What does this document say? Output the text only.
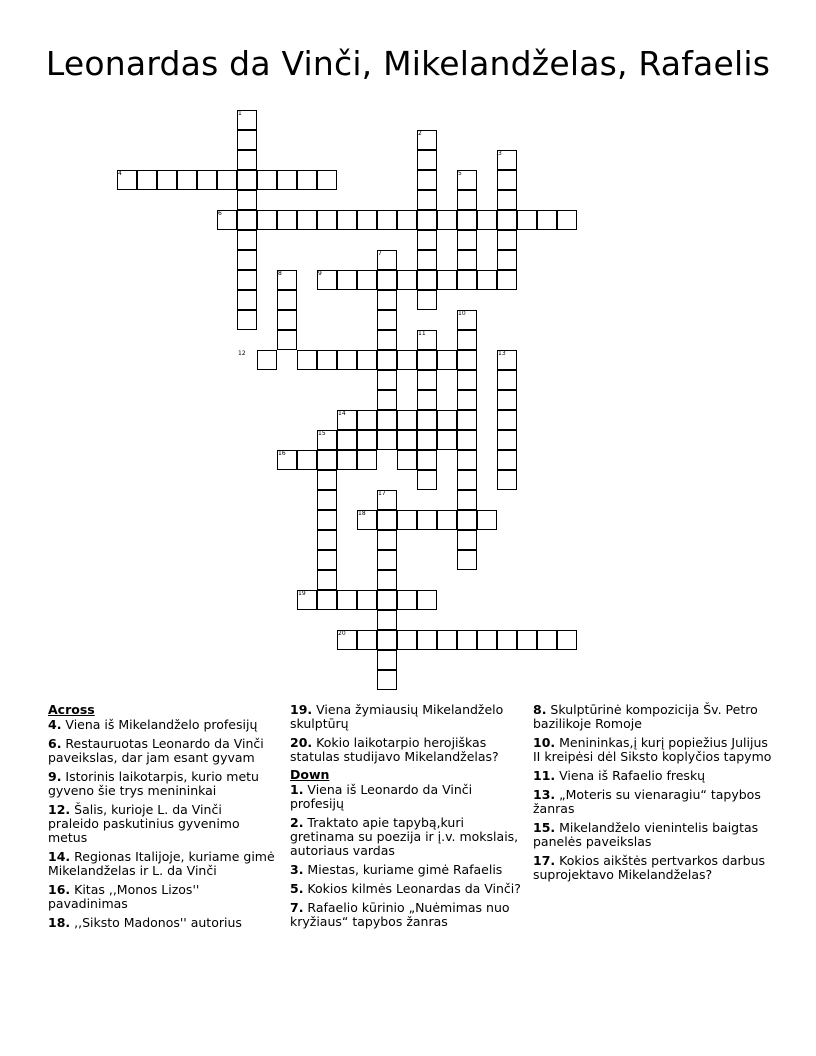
Leonardas da Vinči, Mikelandželas, Rafaelis
1
2
3
4	5
6
7
8	9
10
11
12	13
14
15
16
17
18
19
20
Across
4. Viena iš Mikelandželo profesijų
6. Restauruotas Leonardo da Vinči paveikslas, dar jam esant gyvam
9. Istorinis laikotarpis, kurio metu gyveno šie trys menininkai
12. Šalis, kurioje L. da Vinči praleido paskutinius gyvenimo metus
14. Regionas Italijoje, kuriame gimė Mikelandželas ir L. da Vinči
16. Kitas ,,Monos Lizos'' pavadinimas
18. ,,Siksto Madonos'' autorius
19. Viena žymiausių Mikelandželo skulptūrų
20. Kokio laikotarpio herojiškas statulas studijavo Mikelandželas?
Down
1. Viena iš Leonardo da Vinči profesijų
2. Traktato apie tapybą,kuri gretinama su poezija ir į.v. mokslais, autoriaus vardas
3. Miestas, kuriame gimė Rafaelis
5. Kokios kilmės Leonardas da Vinči?
7. Rafaelio kūrinio „Nuėmimas nuo kryžiaus“ tapybos žanras
8. Skulptūrinė kompozicija Šv. Petro bazilikoje Romoje
10. Menininkas,į kurį popiežius Julijus II kreipėsi dėl Siksto koplyčios tapymo
11. Viena iš Rafaelio freskų
13. „Moteris su vienaragiu“ tapybos žanras
15. Mikelandželo vienintelis baigtas panelės paveikslas
17. Kokios aikštės pertvarkos darbus suprojektavo Mikelandželas?
